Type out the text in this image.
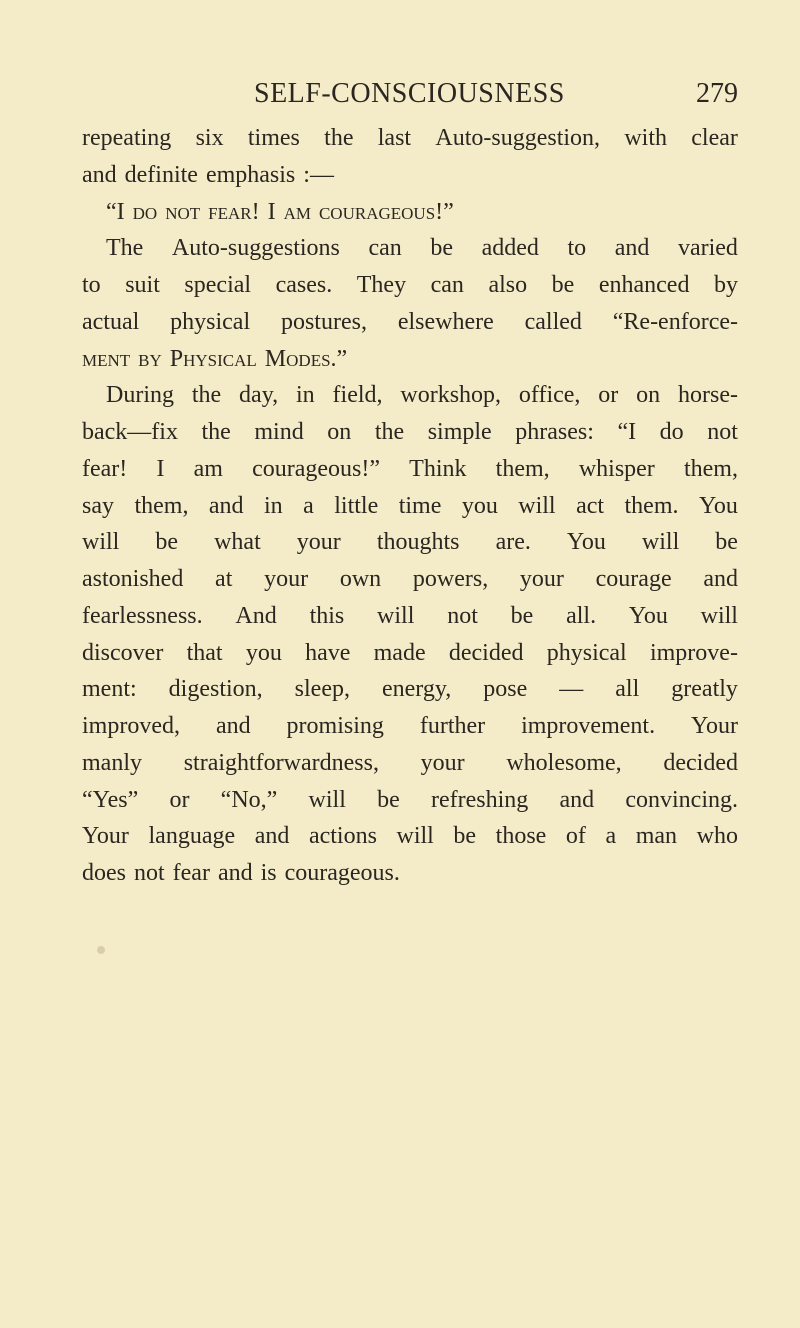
SELF-CONSCIOUSNESS	279
repeating six times the last Auto-suggestion, with clear
and definite emphasis :—
“I do not fear! I am courageous!”
The Auto-suggestions can be added to and varied
to suit special cases. They can also be enhanced by
actual physical postures, elsewhere called “Re-enforce-
ment by Physical Modes.”
During the day, in field, workshop, office, or on horse-
back—fix the mind on the simple phrases: “I do not
fear! I am courageous!” Think them, whisper them,
say them, and in a little time you will act them. You
will be what your thoughts are. You will be
astonished at your own powers, your courage and
fearlessness. And this will not be all. You will
discover that you have made decided physical improve-
ment: digestion, sleep, energy, pose — all greatly
improved, and promising further improvement. Your
manly straightforwardness, your wholesome, decided
“Yes” or “No,” will be refreshing and convincing.
Your language and actions will be those of a man who
does not fear and is courageous.
